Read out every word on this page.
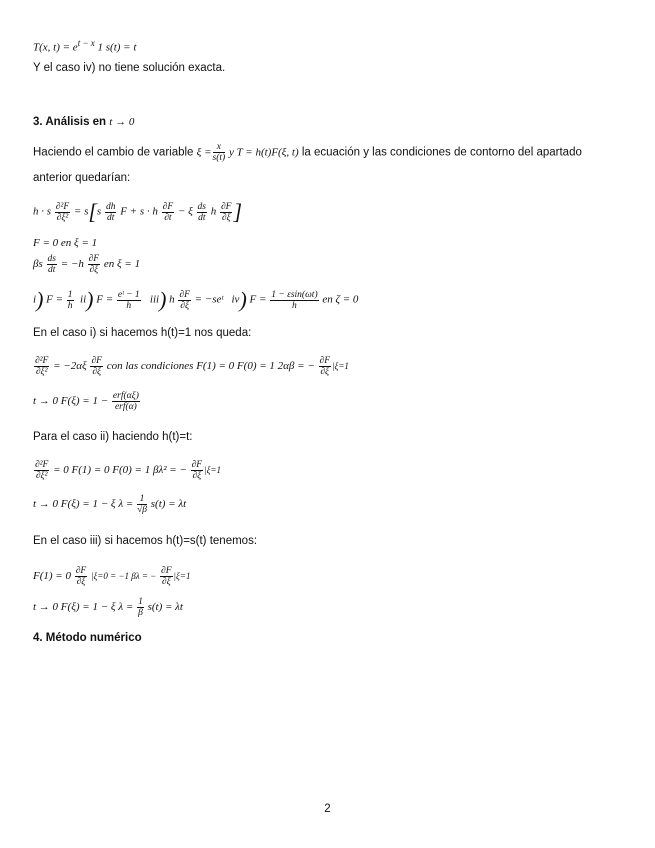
T(x, $t) = e^{t - x}$ 1 s(t) = t
Y el caso iv) no tiene solución exacta.
3. Análisis en t → 0
Haciendo el cambio de variable $\xi = \frac{x}{s(t)}$ y T = h(t)F(ξ, t) la ecuación y las condiciones de contorno del apartado
anterior quedarían:
h · s $\frac{\text{∂²F}}{\text{∂ξ²}} = s[s \frac{dh}{dt}$ F + s · h $\frac{\partial F}{\partial t} - \xi \frac{ds}{dt}$ h $\frac{\partial F}{\partial\xi}$ ]
F = 0 en ξ = 1
βs $\frac{ds}{dt} = -h \frac{\partial F}{\partial\xi}$ en ξ = 1
i) $F = \frac{1}{h} ii$) $F = \frac{\text{eᵗ − 1}}{h} iii$) h $\frac{\partial F}{\partial\xi}$ = −seᵗ iv) $F = \frac{1 - \varepsilon\sin(\omega t)}{h}$ en ζ = 0
En el caso i) si hacemos h(t)=1 nos queda:
$\frac{\text{∂²F}}{\text{∂ξ²}} = -2\alpha\xi \frac{\partial F}{\partial\xi}$ con las condiciones F(1) = 0 F(0) = 1 2αβ = − $\frac{\partial F}{\partial\xi} |\xi=1$
t → 0 $F(\xi) = 1 - \frac{\text{erf(αξ)}}{\text{erf(α)}}$
Para el caso ii) haciendo h(t)=t:
$\frac{\text{∂²F}}{\text{∂ξ²}} = 0$ F(1) = 0 F(0) = 1 βλ² = − $\frac{\partial F}{\partial\xi} |\xi=1$
t → 0 F(ξ) = 1 − ξ $\lambda = \frac{1}{√\beta} s(t) = \lambda t$
En el caso iii) si hacemos h(t)=s(t) tenemos:
$F(1) = 0 \frac{\partial F}{\partial\xi} |\xi=0 = -1$ βλ = − $\frac{\partial F}{\partial\xi} |\xi=1$
t → 0 F(ξ) = 1 − ξ $\lambda = \frac{1}{\beta} s(t) = \lambda t$
4. Método numérico
2
